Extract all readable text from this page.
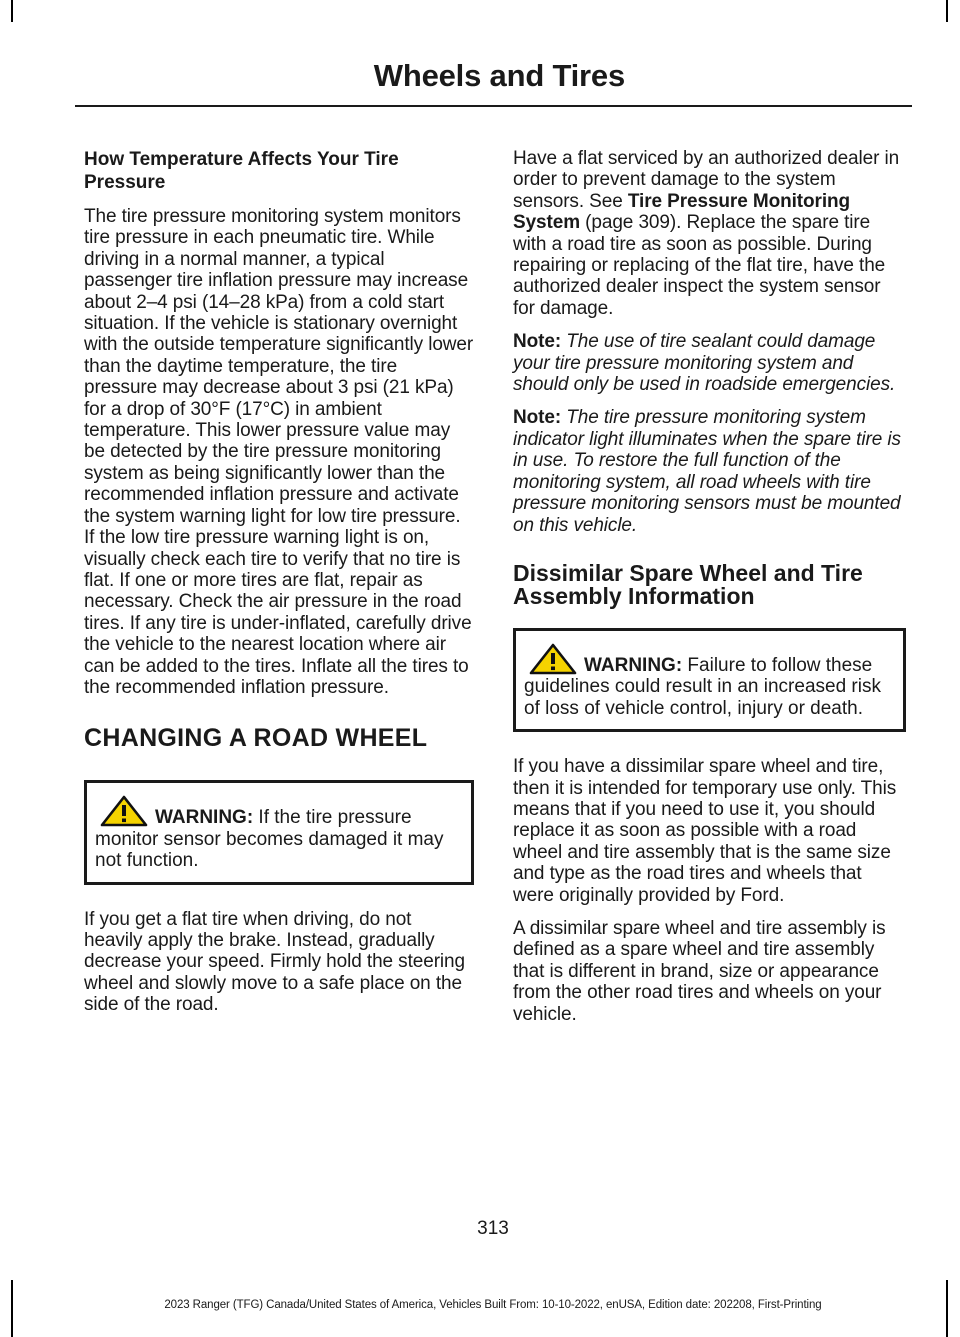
Wheels and Tires
How Temperature Affects Your Tire Pressure

The tire pressure monitoring system monitors tire pressure in each pneumatic tire. While driving in a normal manner, a typical passenger tire inflation pressure may increase about 2–4 psi (14–28 kPa) from a cold start situation. If the vehicle is stationary overnight with the outside temperature significantly lower than the daytime temperature, the tire pressure may decrease about 3 psi (21 kPa) for a drop of 30°F (17°C) in ambient temperature. This lower pressure value may be detected by the tire pressure monitoring system as being significantly lower than the recommended inflation pressure and activate the system warning light for low tire pressure. If the low tire pressure warning light is on, visually check each tire to verify that no tire is flat. If one or more tires are flat, repair as necessary. Check the air pressure in the road tires. If any tire is under-inflated, carefully drive the vehicle to the nearest location where air can be added to the tires. Inflate all the tires to the recommended inflation pressure.

CHANGING A ROAD WHEEL
WARNING: If the tire pressure monitor sensor becomes damaged it may not function.

If you get a flat tire when driving, do not heavily apply the brake. Instead, gradually decrease your speed. Firmly hold the steering wheel and slowly move to a safe place on the side of the road.

Have a flat serviced by an authorized dealer in order to prevent damage to the system sensors. See Tire Pressure Monitoring System (page 309). Replace the spare tire with a road tire as soon as possible. During repairing or replacing of the flat tire, have the authorized dealer inspect the system sensor for damage.

Note: The use of tire sealant could damage your tire pressure monitoring system and should only be used in roadside emergencies.

Note: The tire pressure monitoring system indicator light illuminates when the spare tire is in use. To restore the full function of the monitoring system, all road wheels with tire pressure monitoring sensors must be mounted on this vehicle.

Dissimilar Spare Wheel and Tire Assembly Information
WARNING: Failure to follow these guidelines could result in an increased risk of loss of vehicle control, injury or death.

If you have a dissimilar spare wheel and tire, then it is intended for temporary use only. This means that if you need to use it, you should replace it as soon as possible with a road wheel and tire assembly that is the same size and type as the road tires and wheels that were originally provided by Ford.

A dissimilar spare wheel and tire assembly is defined as a spare wheel and tire assembly that is different in brand, size or appearance from the other road tires and wheels on your vehicle.

313
2023 Ranger (TFG) Canada/United States of America, Vehicles Built From: 10-10-2022, enUSA, Edition date: 202208, First-Printing
